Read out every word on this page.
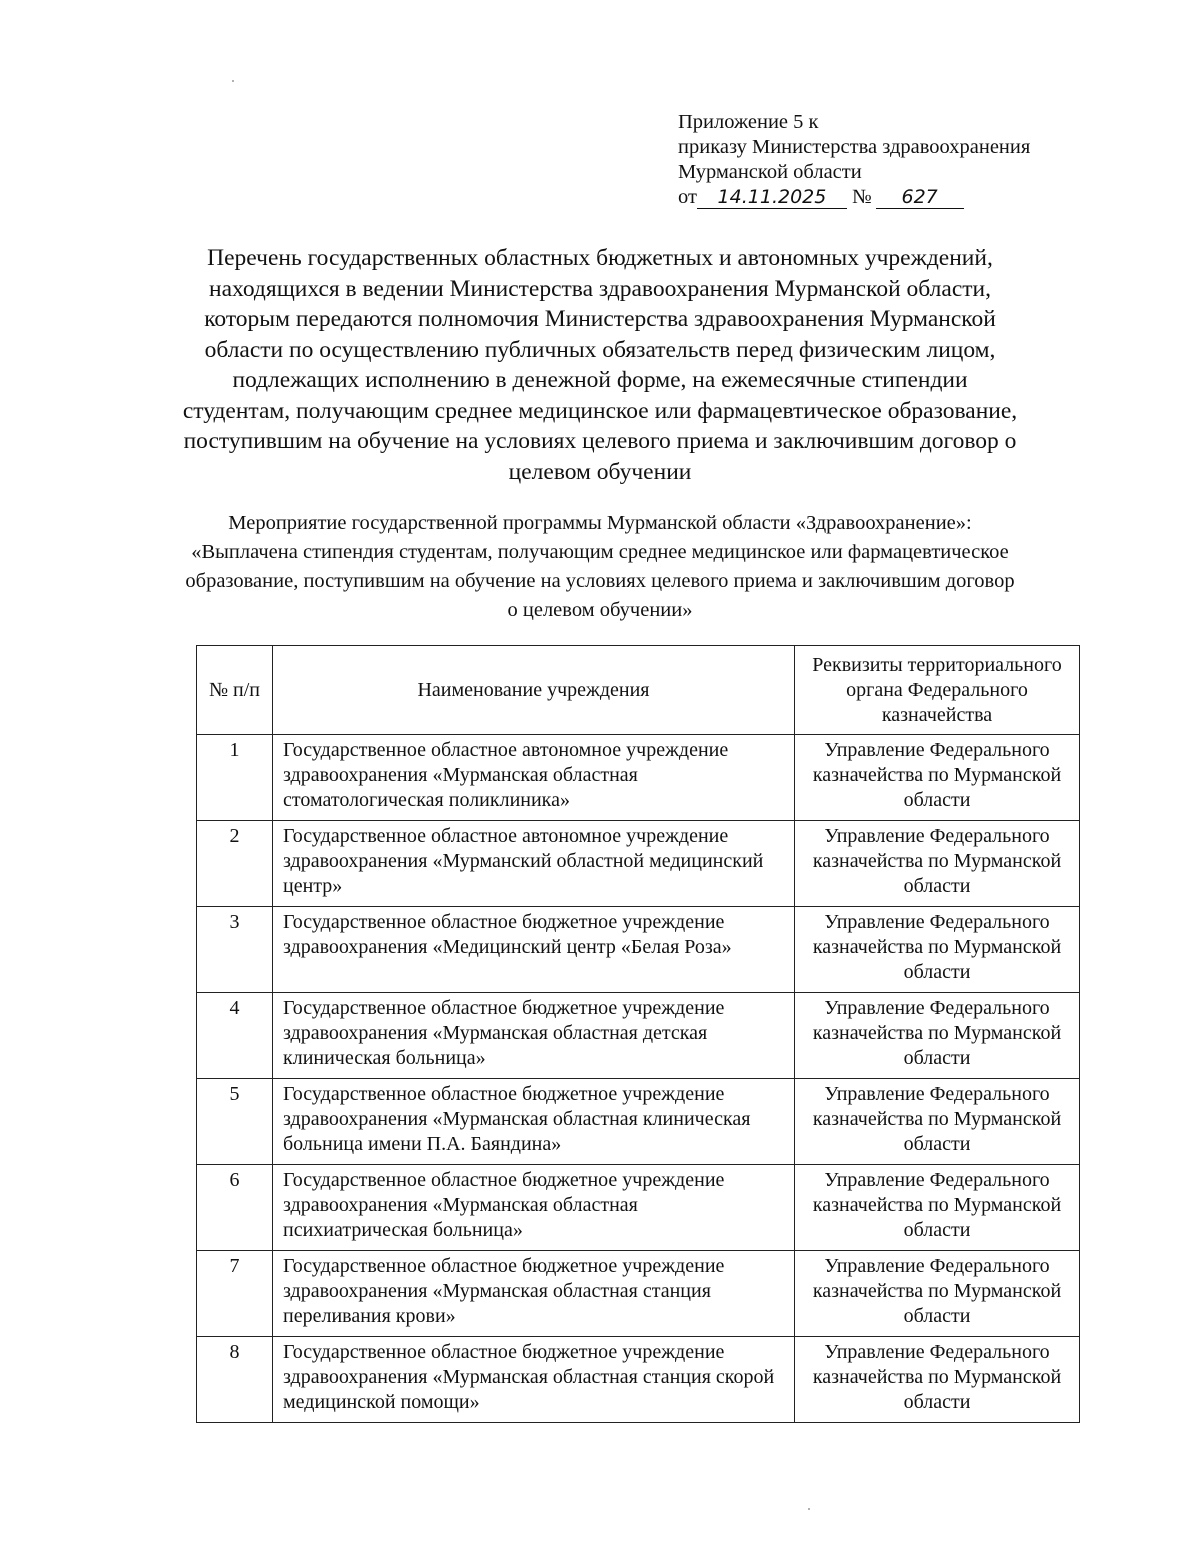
Приложение 5 к
приказу Министерства здравоохранения
Мурманской области
от 14.11.2025 № 627
Перечень государственных областных бюджетных и автономных учреждений, находящихся в ведении Министерства здравоохранения Мурманской области, которым передаются полномочия Министерства здравоохранения Мурманской области по осуществлению публичных обязательств перед физическим лицом, подлежащих исполнению в денежной форме, на ежемесячные стипендии студентам, получающим среднее медицинское или фармацевтическое образование, поступившим на обучение на условиях целевого приема и заключившим договор о целевом обучении
Мероприятие государственной программы Мурманской области «Здравоохранение»: «Выплачена стипендия студентам, получающим среднее медицинское или фармацевтическое образование, поступившим на обучение на условиях целевого приема и заключившим договор о целевом обучении»
№ п/п	Наименование учреждения	Реквизиты территориального органа Федерального казначейства
1	Государственное областное автономное учреждение здравоохранения «Мурманская областная стоматологическая поликлиника»	Управление Федерального казначейства по Мурманской области
2	Государственное областное автономное учреждение здравоохранения «Мурманский областной медицинский центр»	Управление Федерального казначейства по Мурманской области
3	Государственное областное бюджетное учреждение здравоохранения «Медицинский центр «Белая Роза»	Управление Федерального казначейства по Мурманской области
4	Государственное областное бюджетное учреждение здравоохранения «Мурманская областная детская клиническая больница»	Управление Федерального казначейства по Мурманской области
5	Государственное областное бюджетное учреждение здравоохранения «Мурманская областная клиническая больница имени П.А. Баяндина»	Управление Федерального казначейства по Мурманской области
6	Государственное областное бюджетное учреждение здравоохранения «Мурманская областная психиатрическая больница»	Управление Федерального казначейства по Мурманской области
7	Государственное областное бюджетное учреждение здравоохранения «Мурманская областная станция переливания крови»	Управление Федерального казначейства по Мурманской области
8	Государственное областное бюджетное учреждение здравоохранения «Мурманская областная станция скорой медицинской помощи»	Управление Федерального казначейства по Мурманской области
